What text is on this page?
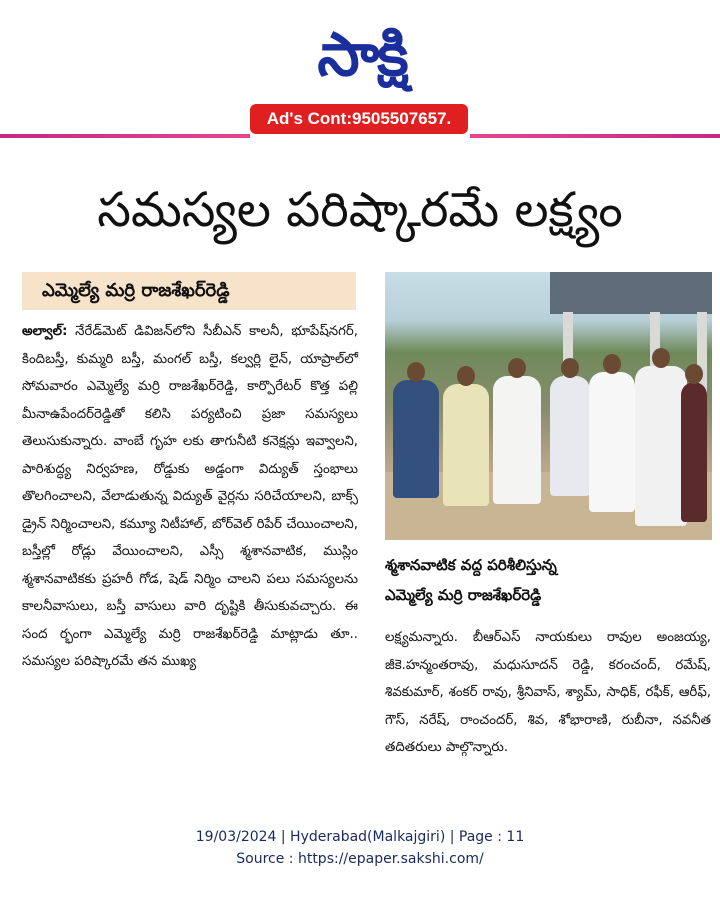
సాక్షి
Ad's Cont:9505507657.
సమస్యల పరిష్కారమే లక్ష్యం
ఎమ్మెల్యే మర్రి రాజశేఖర్‌రెడ్డి
అల్వాల్‌: నేరేడ్‌మెట్‌ డివిజన్‌లోని సీబీఎన్‌ కాలనీ, భూపేష్‌నగర్‌, కిందిబస్తీ, కుమ్మరి బస్తీ, మంగల్‌ బస్తీ, కల్వర్లి లైన్‌, యాప్రాల్‌లో సోమవారం ఎమ్మెల్యే మర్రి రాజశేఖర్‌రెడ్డి, కార్పొరేటర్‌ కొత్త పల్లి మీనాఉపేందర్‌రెడ్డితో కలిసి పర్యటించి ప్రజా సమస్యలు తెలుసుకున్నారు. వాంబే గృహ లకు తాగునీటి కనెక్షన్లు ఇవ్వాలని, పారిశుద్ధ్య నిర్వహణ, రోడ్డుకు అడ్డంగా విద్యుత్‌ స్తంభాలు తొలగించాలని, వేలాడుతున్న విద్యుత్‌ వైర్లను సరిచేయాలని, బాక్స్‌ డ్రైన్‌ నిర్మించాలని, కమ్యూ నిటీహాల్‌, బోర్‌వెల్‌ రిపేర్‌ చేయించాలని, బస్తీల్లో రోడ్లు వేయించాలని, ఎస్సీ శ్మశానవాటిక, ముస్లిం శ్మశానవాటికకు ప్రహరీ గోడ, షెడ్‌ నిర్మిం చాలని పలు సమస్యలను కాలనీవాసులు, బస్తీ వాసులు వారి దృష్టికి తీసుకువచ్చారు. ఈ సంద ర్భంగా ఎమ్మెల్యే మర్రి రాజశేఖర్‌రెడ్డి మాట్లాడు తూ.. సమస్యల పరిష్కారమే తన ముఖ్య
శ్మశానవాటిక వద్ద పరిశీలిస్తున్న
ఎమ్మెల్యే మర్రి రాజశేఖర్‌రెడ్డి
లక్ష్యమన్నారు. బీఆర్‌ఎస్‌ నాయకులు రావుల అంజయ్య, జీకె.హన్మంతరావు, మధుసూదన్‌ రెడ్డి, కరంచంద్‌, రమేష్‌, శివకుమార్‌, శంకర్‌ రావు, శ్రీనివాస్‌, శ్యామ్‌, సాధిక్‌, రఫీక్‌, ఆరీఫ్‌, గౌస్‌, నరేష్‌, రాంచందర్‌, శివ, శోభారాణి, రుబీనా, నవనీత తదితరులు పాల్గొన్నారు.
19/03/2024 | Hyderabad(Malkajgiri) | Page : 11
Source : https://epaper.sakshi.com/
